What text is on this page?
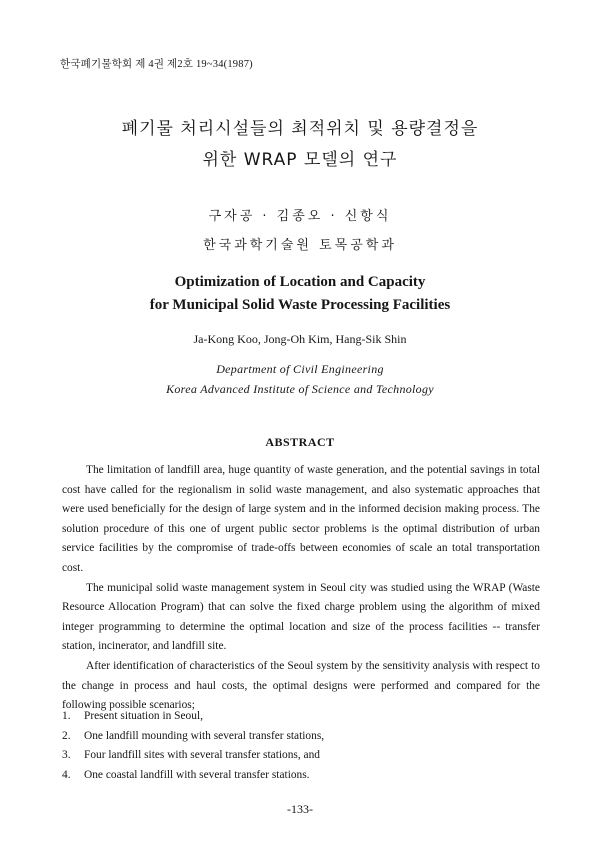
한국폐기물학회 제 4권 제2호 19~34(1987)
폐기물 처리시설들의 최적위치 및 용량결정을
위한 WRAP 모델의 연구
구자공 · 김종오 · 신항식
한국과학기술원 토목공학과
Optimization of Location and Capacity
for Municipal Solid Waste Processing Facilities
Ja-Kong Koo, Jong-Oh Kim, Hang-Sik Shin
Department of Civil Engineering
Korea Advanced Institute of Science and Technology
ABSTRACT

The limitation of landfill area, huge quantity of waste generation, and the potential savings in total cost have called for the regionalism in solid waste management, and also systematic approaches that were used beneficially for the design of large system and in the informed decision making process. The solution procedure of this one of urgent public sector problems is the optimal distribution of urban service facilities by the compromise of trade-offs between economies of scale an total transportation cost.

The municipal solid waste management system in Seoul city was studied using the WRAP (Waste Resource Allocation Program) that can solve the fixed charge problem using the algorithm of mixed integer programming to determine the optimal location and size of the process facilities -- transfer station, incinerator, and landfill site.

After identification of characteristics of the Seoul system by the sensitivity analysis with respect to the change in process and haul costs, the optimal designs were performed and compared for the following possible scenarios;

1. Present situation in Seoul,
2. One landfill mounding with several transfer stations,
3. Four landfill sites with several transfer stations, and
4. One coastal landfill with several transfer stations.
-133-
